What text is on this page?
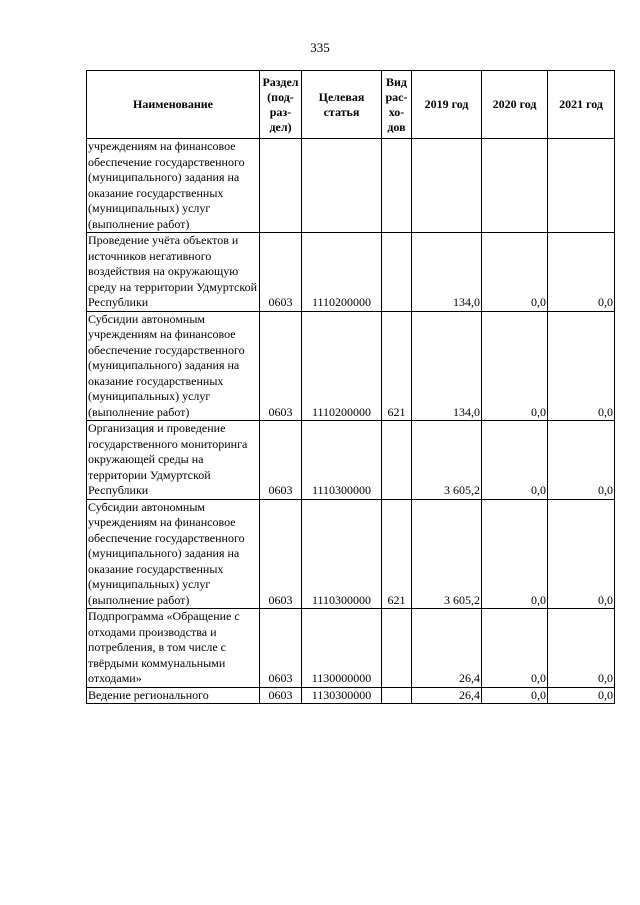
335
Наименование	Раздел (под-раз-дел)	Целевая статья	Вид рас-хо-дов	2019 год	2020 год	2021 год
учреждениям на финансовое обеспечение государственного (муниципального) задания на оказание государственных (муниципальных) услуг (выполнение работ)						
Проведение учёта объектов и источников негативного воздействия на окружающую среду на территории Удмуртской Республики	0603	1110200000		134,0	0,0	0,0
Субсидии автономным учреждениям на финансовое обеспечение государственного (муниципального) задания на оказание государственных (муниципальных) услуг (выполнение работ)	0603	1110200000	621	134,0	0,0	0,0
Организация и проведение государственного мониторинга окружающей среды на территории Удмуртской Республики	0603	1110300000		3 605,2	0,0	0,0
Субсидии автономным учреждениям на финансовое обеспечение государственного (муниципального) задания на оказание государственных (муниципальных) услуг (выполнение работ)	0603	1110300000	621	3 605,2	0,0	0,0
Подпрограмма «Обращение с отходами производства и потребления, в том числе с твёрдыми коммунальными отходами»	0603	1130000000		26,4	0,0	0,0
Ведение регионального	0603	1130300000		26,4	0,0	0,0
